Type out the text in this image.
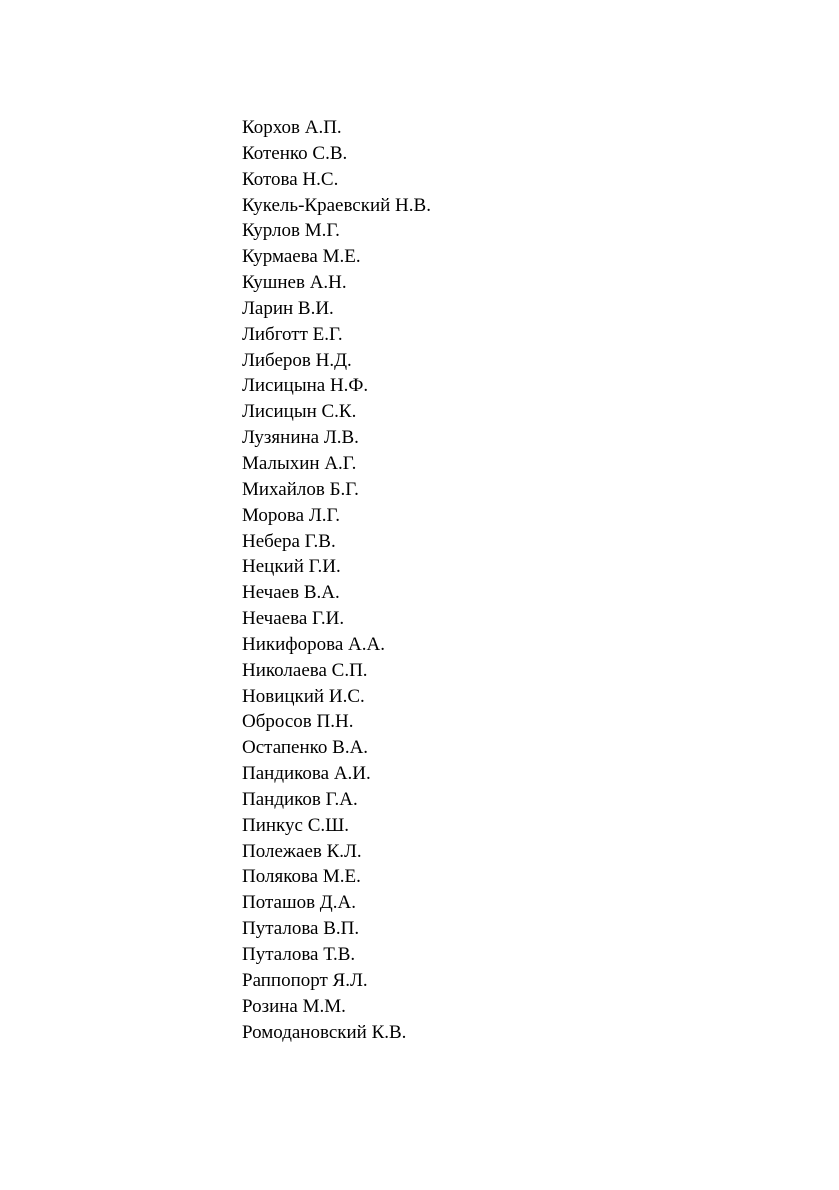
Корхов А.П.
Котенко С.В.
Котова Н.С.
Кукель-Краевский Н.В.
Курлов М.Г.
Курмаева М.Е.
Кушнев А.Н.
Ларин В.И.
Либготт Е.Г.
Либеров Н.Д.
Лисицына Н.Ф.
Лисицын С.К.
Лузянина Л.В.
Малыхин А.Г.
Михайлов Б.Г.
Морова Л.Г.
Небера Г.В.
Нецкий Г.И.
Нечаев В.А.
Нечаева Г.И.
Никифорова А.А.
Николаева С.П.
Новицкий И.С.
Обросов П.Н.
Остапенко В.А.
Пандикова А.И.
Пандиков Г.А.
Пинкус С.Ш.
Полежаев К.Л.
Полякова М.Е.
Поташов Д.А.
Путалова В.П.
Путалова Т.В.
Раппопорт Я.Л.
Розина М.М.
Ромодановский К.В.
